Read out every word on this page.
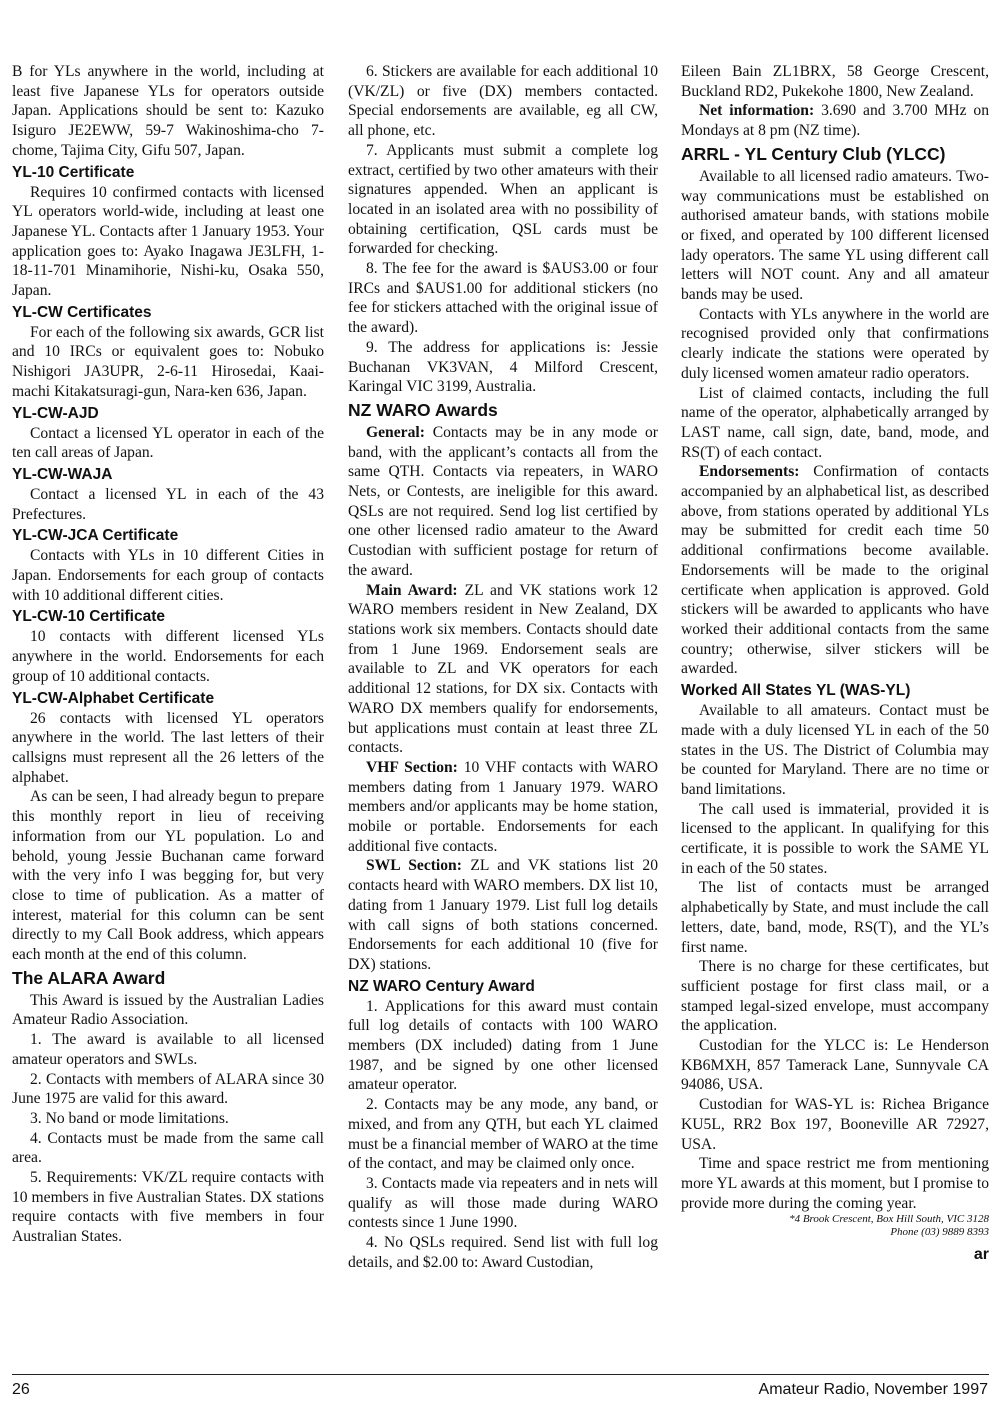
B for YLs anywhere in the world, including at least five Japanese YLs for operators outside Japan. Applications should be sent to: Kazuko Isiguro JE2EWW, 59-7 Wakinoshima-cho 7-chome, Tajima City, Gifu 507, Japan.

YL-10 Certificate

Requires 10 confirmed contacts with licensed YL operators world-wide, including at least one Japanese YL. Contacts after 1 January 1953. Your application goes to: Ayako Inagawa JE3LFH, 1-18-11-701 Minamihorie, Nishi-ku, Osaka 550, Japan.

YL-CW Certificates

For each of the following six awards, GCR list and 10 IRCs or equivalent goes to: Nobuko Nishigori JA3UPR, 2-6-11 Hirosedai, Kaai-machi Kitakatsuragi-gun, Nara-ken 636, Japan.

YL-CW-AJD

Contact a licensed YL operator in each of the ten call areas of Japan.

YL-CW-WAJA

Contact a licensed YL in each of the 43 Prefectures.

YL-CW-JCA Certificate

Contacts with YLs in 10 different Cities in Japan. Endorsements for each group of contacts with 10 additional different cities.

YL-CW-10 Certificate

10 contacts with different licensed YLs anywhere in the world. Endorsements for each group of 10 additional contacts.

YL-CW-Alphabet Certificate

26 contacts with licensed YL operators anywhere in the world. The last letters of their callsigns must represent all the 26 letters of the alphabet.

As can be seen, I had already begun to prepare this monthly report in lieu of receiving information from our YL population. Lo and behold, young Jessie Buchanan came forward with the very info I was begging for, but very close to time of publication. As a matter of interest, material for this column can be sent directly to my Call Book address, which appears each month at the end of this column.

The ALARA Award

This Award is issued by the Australian Ladies Amateur Radio Association.

1. The award is available to all licensed amateur operators and SWLs.

2. Contacts with members of ALARA since 30 June 1975 are valid for this award.

3. No band or mode limitations.

4. Contacts must be made from the same call area.

5. Requirements: VK/ZL require contacts with 10 members in five Australian States. DX stations require contacts with five members in four Australian States.

6. Stickers are available for each additional 10 (VK/ZL) or five (DX) members contacted. Special endorsements are available, eg all CW, all phone, etc.

7. Applicants must submit a complete log extract, certified by two other amateurs with their signatures appended. When an applicant is located in an isolated area with no possibility of obtaining certification, QSL cards must be forwarded for checking.

8. The fee for the award is $AUS3.00 or four IRCs and $AUS1.00 for additional stickers (no fee for stickers attached with the original issue of the award).

9. The address for applications is: Jessie Buchanan VK3VAN, 4 Milford Crescent, Karingal VIC 3199, Australia.

NZ WARO Awards

General: Contacts may be in any mode or band, with the applicant’s contacts all from the same QTH. Contacts via repeaters, in WARO Nets, or Contests, are ineligible for this award. QSLs are not required. Send log list certified by one other licensed radio amateur to the Award Custodian with sufficient postage for return of the award.

Main Award: ZL and VK stations work 12 WARO members resident in New Zealand, DX stations work six members. Contacts should date from 1 June 1969. Endorsement seals are available to ZL and VK operators for each additional 12 stations, for DX six. Contacts with WARO DX members qualify for endorsements, but applications must contain at least three ZL contacts.

VHF Section: 10 VHF contacts with WARO members dating from 1 January 1979. WARO members and/or applicants may be home station, mobile or portable. Endorsements for each additional five contacts.

SWL Section: ZL and VK stations list 20 contacts heard with WARO members. DX list 10, dating from 1 January 1979. List full log details with call signs of both stations concerned. Endorsements for each additional 10 (five for DX) stations.

NZ WARO Century Award

1. Applications for this award must contain full log details of contacts with 100 WARO members (DX included) dating from 1 June 1987, and be signed by one other licensed amateur operator.

2. Contacts may be any mode, any band, or mixed, and from any QTH, but each YL claimed must be a financial member of WARO at the time of the contact, and may be claimed only once.

3. Contacts made via repeaters and in nets will qualify as will those made during WARO contests since 1 June 1990.

4. No QSLs required. Send list with full log details, and $2.00 to: Award Custodian,

Eileen Bain ZL1BRX, 58 George Crescent, Buckland RD2, Pukekohe 1800, New Zealand.

Net information: 3.690 and 3.700 MHz on Mondays at 8 pm (NZ time).

ARRL - YL Century Club (YLCC)

Available to all licensed radio amateurs. Two-way communications must be established on authorised amateur bands, with stations mobile or fixed, and operated by 100 different licensed lady operators. The same YL using different call letters will NOT count. Any and all amateur bands may be used.

Contacts with YLs anywhere in the world are recognised provided only that confirmations clearly indicate the stations were operated by duly licensed women amateur radio operators.

List of claimed contacts, including the full name of the operator, alphabetically arranged by LAST name, call sign, date, band, mode, and RS(T) of each contact.

Endorsements: Confirmation of contacts accompanied by an alphabetical list, as described above, from stations operated by additional YLs may be submitted for credit each time 50 additional confirmations become available. Endorsements will be made to the original certificate when application is approved. Gold stickers will be awarded to applicants who have worked their additional contacts from the same country; otherwise, silver stickers will be awarded.

Worked All States YL (WAS-YL)

Available to all amateurs. Contact must be made with a duly licensed YL in each of the 50 states in the US. The District of Columbia may be counted for Maryland. There are no time or band limitations.

The call used is immaterial, provided it is licensed to the applicant. In qualifying for this certificate, it is possible to work the SAME YL in each of the 50 states.

The list of contacts must be arranged alphabetically by State, and must include the call letters, date, band, mode, RS(T), and the YL’s first name.

There is no charge for these certificates, but sufficient postage for first class mail, or a stamped legal-sized envelope, must accompany the application.

Custodian for the YLCC is: Le Henderson KB6MXH, 857 Tamerack Lane, Sunnyvale CA 94086, USA.

Custodian for WAS-YL is: Richea Brigance KU5L, RR2 Box 197, Booneville AR 72927, USA.

Time and space restrict me from mentioning more YL awards at this moment, but I promise to provide more during the coming year.

*4 Brook Crescent, Box Hill South, VIC 3128
Phone (03) 9889 8393
ar
26	Amateur Radio, November 1997
